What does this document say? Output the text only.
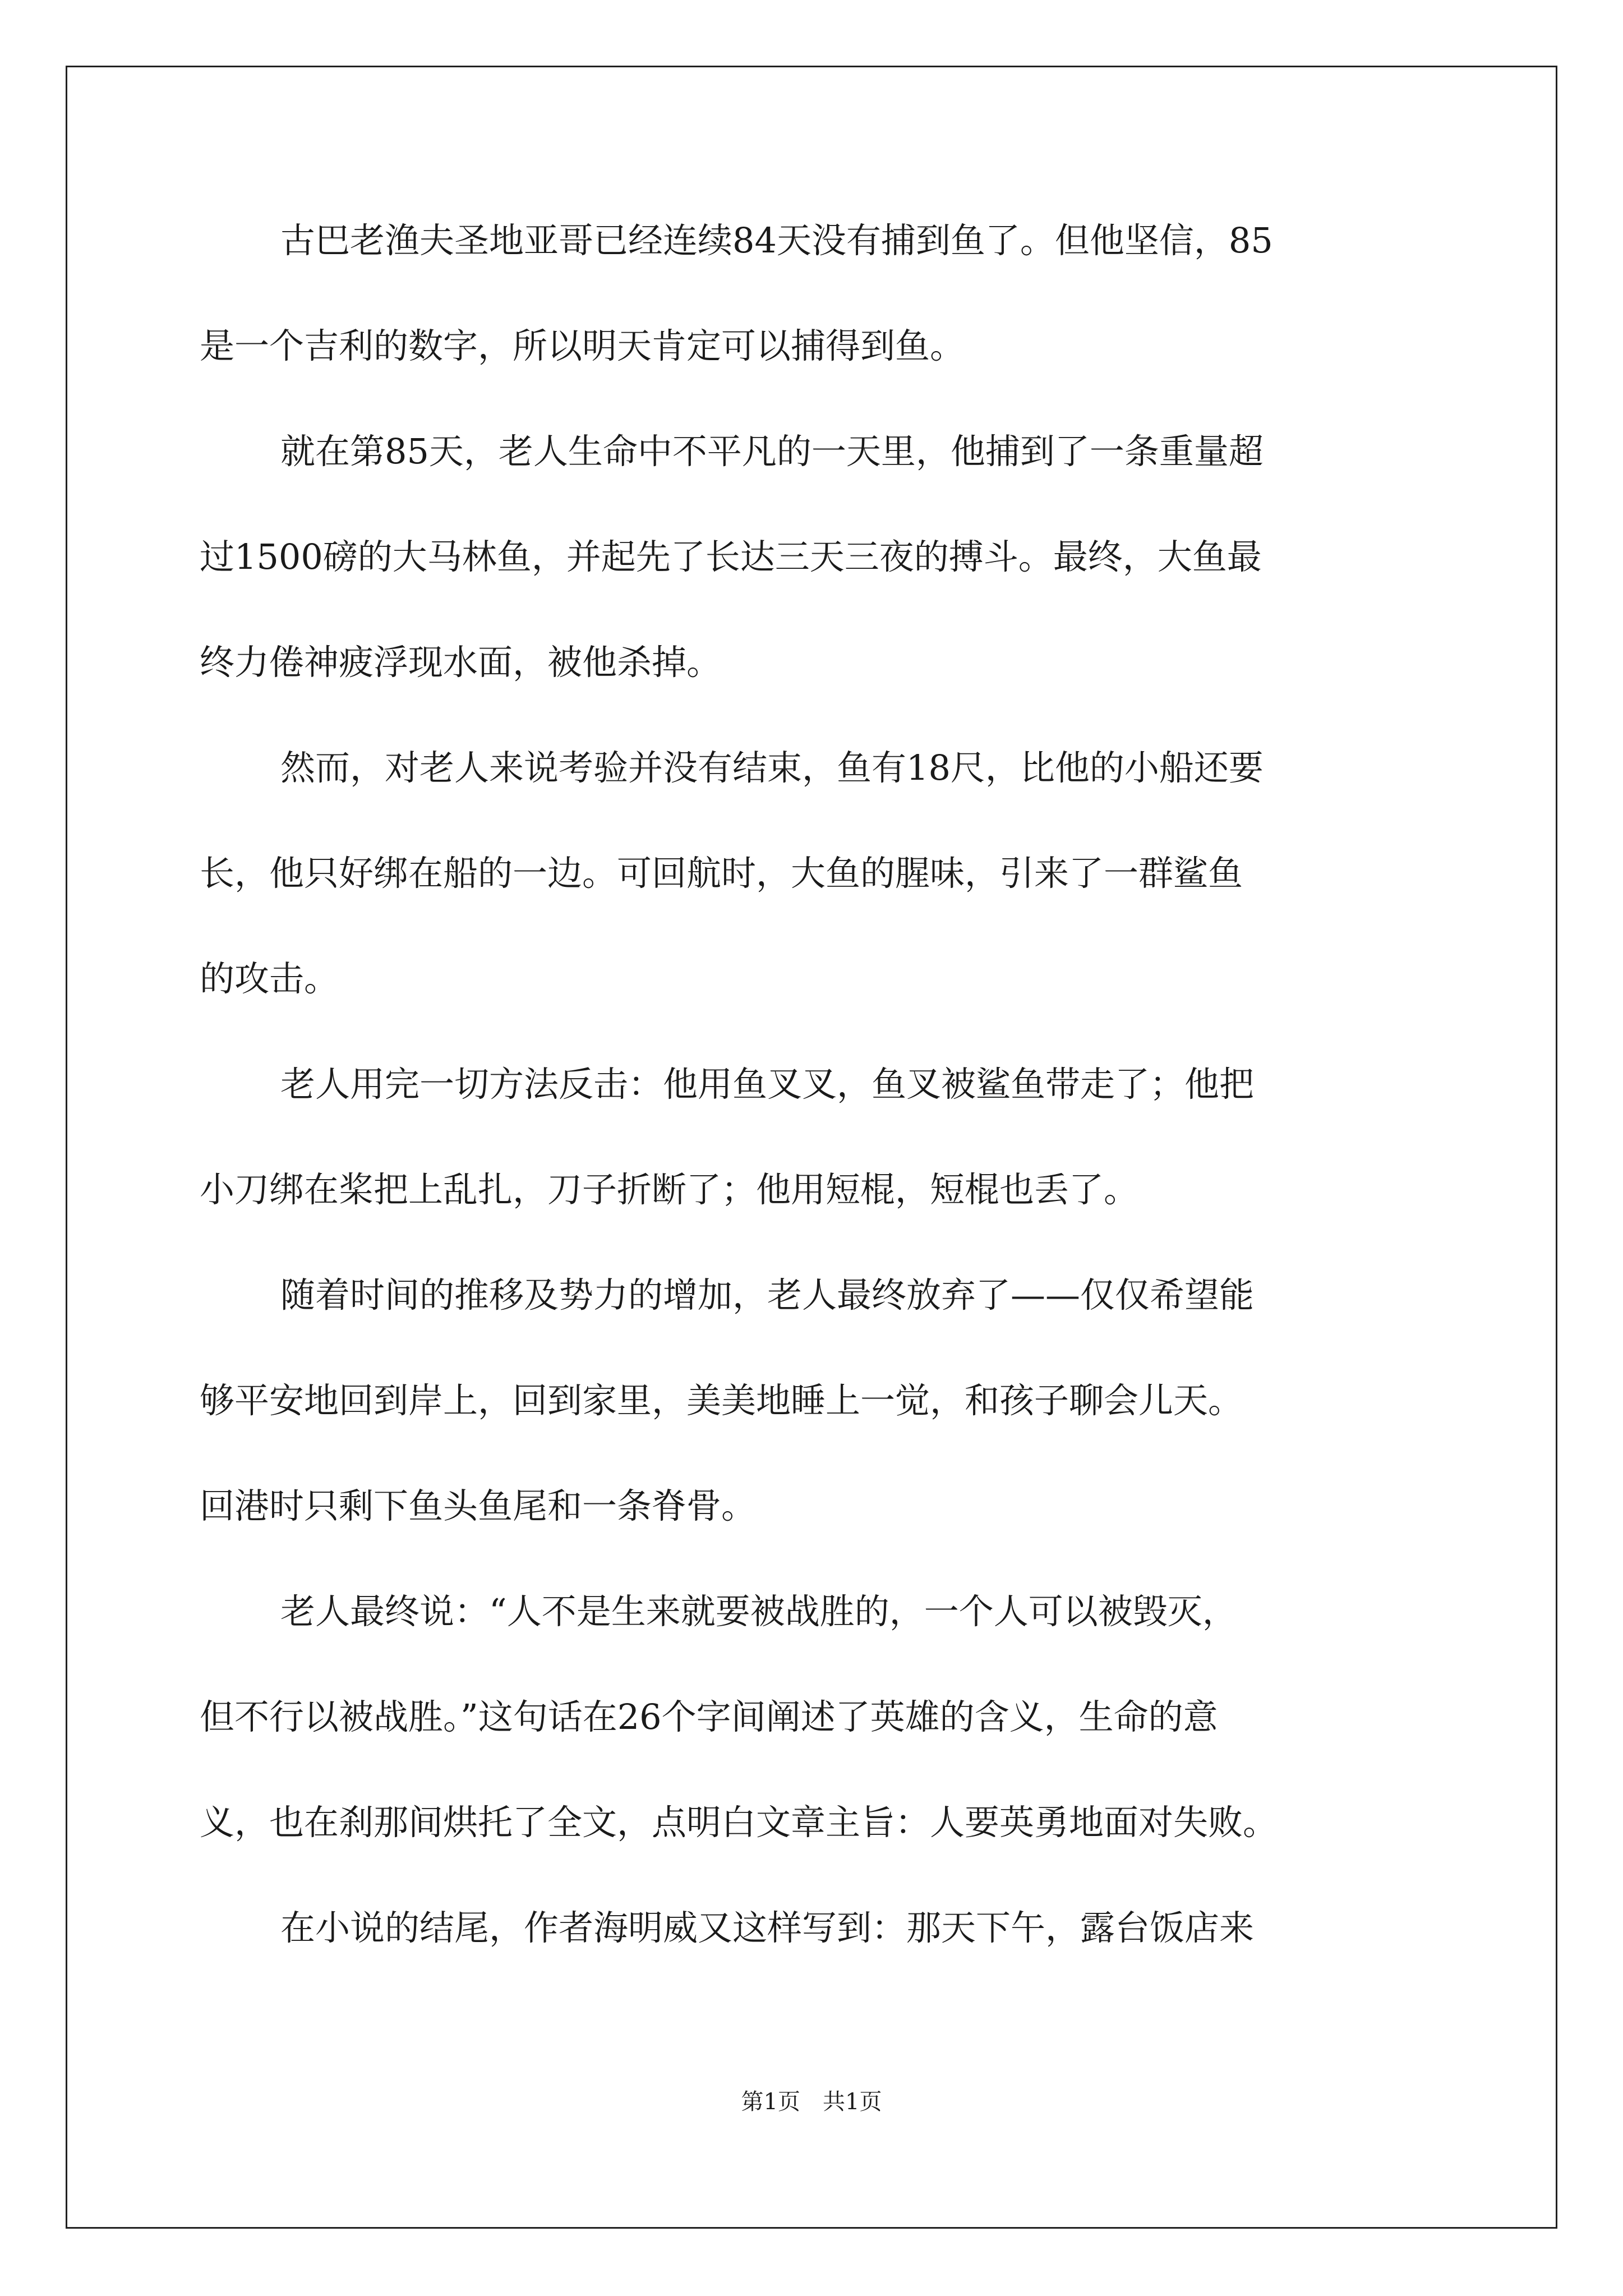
古巴老渔夫圣地亚哥已经连续84天没有捕到鱼了。但他坚信，85

是一个吉利的数字，所以明天肯定可以捕得到鱼。

就在第85天，老人生命中不平凡的一天里，他捕到了一条重量超

过1500磅的大马林鱼，并起先了长达三天三夜的搏斗。最终，大鱼最

终力倦神疲浮现水面，被他杀掉。

然而，对老人来说考验并没有结束，鱼有18尺，比他的小船还要

长，他只好绑在船的一边。可回航时，大鱼的腥味，引来了一群鲨鱼

的攻击。

老人用完一切方法反击：他用鱼叉叉，鱼叉被鲨鱼带走了；他把

小刀绑在桨把上乱扎，刀子折断了；他用短棍，短棍也丢了。

随着时间的推移及势力的增加，老人最终放弃了——仅仅希望能

够平安地回到岸上，回到家里，美美地睡上一觉，和孩子聊会儿天。

回港时只剩下鱼头鱼尾和一条脊骨。

老人最终说：“人不是生来就要被战胜的，一个人可以被毁灭，

但不行以被战胜。”这句话在26个字间阐述了英雄的含义，生命的意

义，也在刹那间烘托了全文，点明白文章主旨：人要英勇地面对失败。

在小说的结尾，作者海明威又这样写到：那天下午，露台饭店来

第1页　共1页
